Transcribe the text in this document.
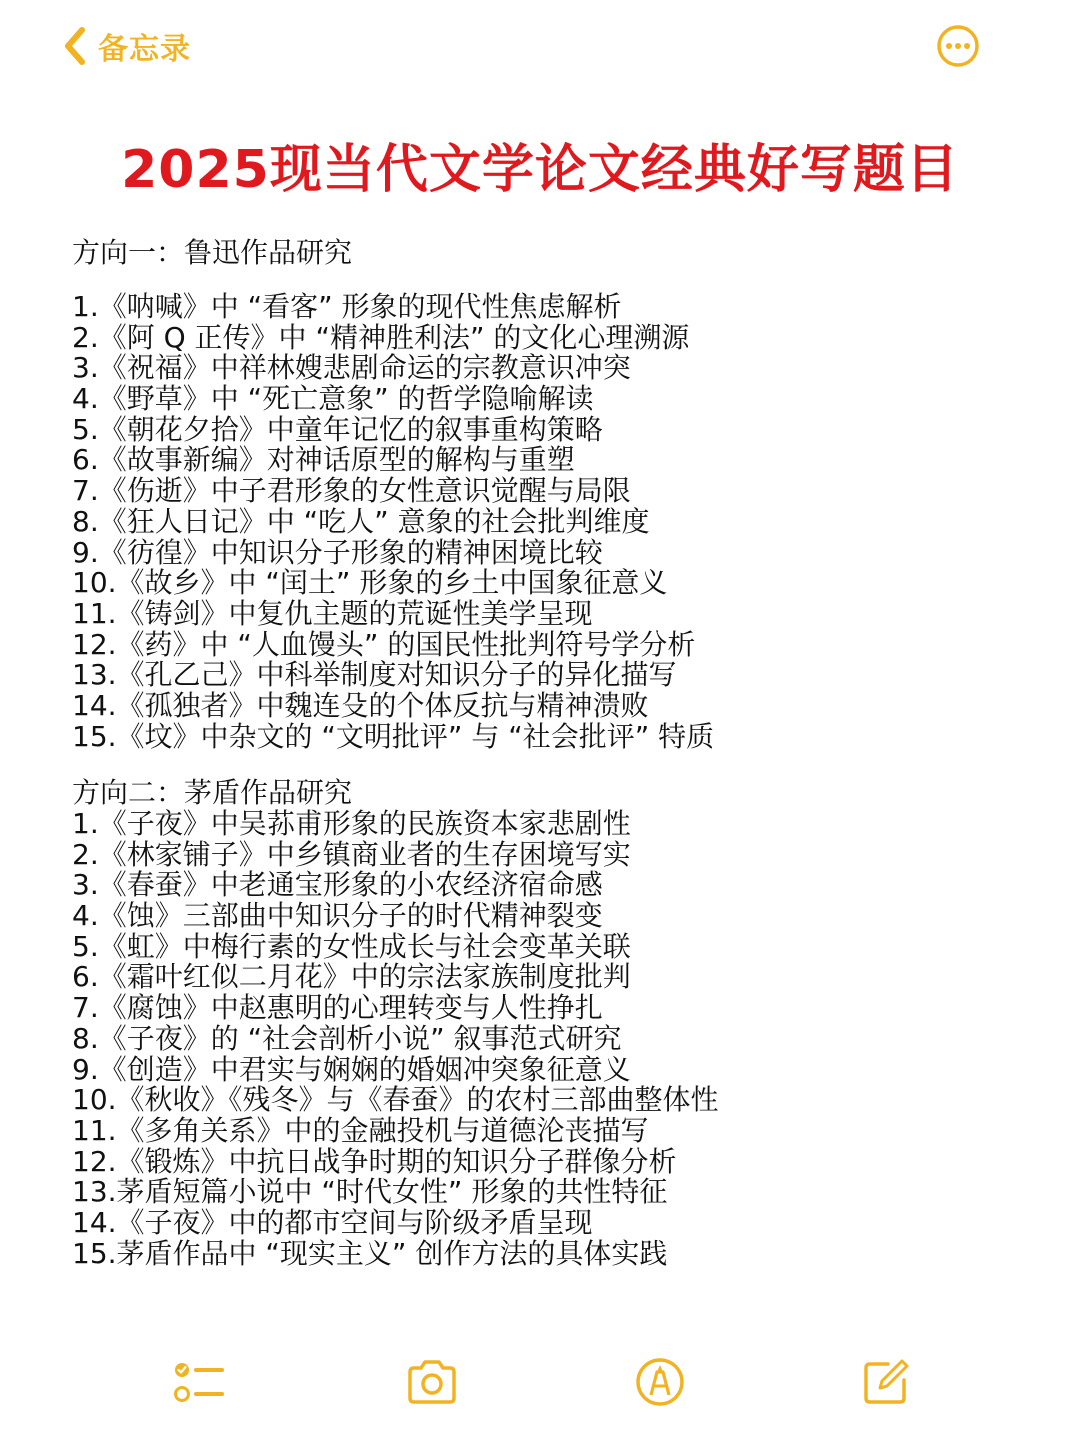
备忘录
2025现当代文学论文经典好写题目
方向一：鲁迅作品研究
1.《呐喊》中 “看客” 形象的现代性焦虑解析
2.《阿 Q 正传》中 “精神胜利法” 的文化心理溯源
3.《祝福》中祥林嫂悲剧命运的宗教意识冲突
4.《野草》中 “死亡意象” 的哲学隐喻解读
5.《朝花夕拾》中童年记忆的叙事重构策略
6.《故事新编》对神话原型的解构与重塑
7.《伤逝》中子君形象的女性意识觉醒与局限
8.《狂人日记》中 “吃人” 意象的社会批判维度
9.《彷徨》中知识分子形象的精神困境比较
10.《故乡》中 “闰土” 形象的乡土中国象征意义
11.《铸剑》中复仇主题的荒诞性美学呈现
12.《药》中 “人血馒头” 的国民性批判符号学分析
13.《孔乙己》中科举制度对知识分子的异化描写
14.《孤独者》中魏连殳的个体反抗与精神溃败
15.《坟》中杂文的 “文明批评” 与 “社会批评” 特质
方向二：茅盾作品研究
1.《子夜》中吴荪甫形象的民族资本家悲剧性
2.《林家铺子》中乡镇商业者的生存困境写实
3.《春蚕》中老通宝形象的小农经济宿命感
4.《蚀》三部曲中知识分子的时代精神裂变
5.《虹》中梅行素的女性成长与社会变革关联
6.《霜叶红似二月花》中的宗法家族制度批判
7.《腐蚀》中赵惠明的心理转变与人性挣扎
8.《子夜》的 “社会剖析小说” 叙事范式研究
9.《创造》中君实与娴娴的婚姻冲突象征意义
10.《秋收》《残冬》与《春蚕》的农村三部曲整体性
11.《多角关系》中的金融投机与道德沦丧描写
12.《锻炼》中抗日战争时期的知识分子群像分析
13.茅盾短篇小说中 “时代女性” 形象的共性特征
14.《子夜》中的都市空间与阶级矛盾呈现
15.茅盾作品中 “现实主义” 创作方法的具体实践
